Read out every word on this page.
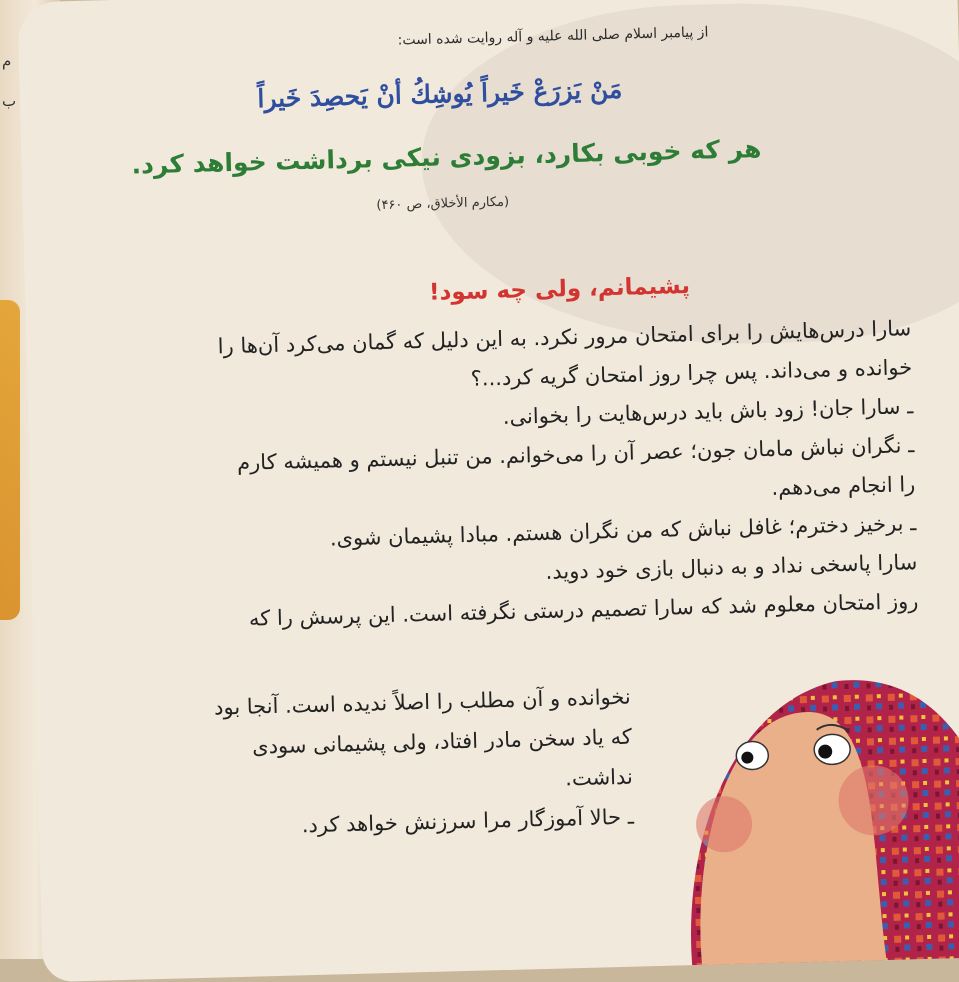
م
ب
از پیامبر اسلام صلی الله علیه و آله روایت شده است:
مَنْ يَزرَعْ خَيراً يُوشِكُ أنْ يَحصِدَ خَيراً
هر که خوبی بکارد، بزودی نیکی برداشت خواهد کرد.
(مکارم الأخلاق، ص ۴۶۰)
پشیمانم، ولی چه سود!

سارا درس‌هایش را برای امتحان مرور نکرد. به این دلیل که گمان می‌کرد آن‌ها را

خوانده و می‌داند. پس چرا روز امتحان گریه کرد...؟

ـ سارا جان! زود باش باید درس‌هایت را بخوانی.

ـ نگران نباش مامان جون؛ عصر آن را می‌خوانم. من تنبل نیستم و همیشه کارم

را انجام می‌دهم.

ـ برخیز دخترم؛ غافل نباش که من نگران هستم. مبادا پشیمان شوی.

سارا پاسخی نداد و به دنبال بازی خود دوید.

روز امتحان معلوم شد که سارا تصمیم درستی نگرفته است. این پرسش را که

نخوانده و آن مطلب را اصلاً ندیده است. آنجا بود

که یاد سخن مادر افتاد، ولی پشیمانی سودی

نداشت.

ـ حالا آموزگار مرا سرزنش خواهد کرد.
